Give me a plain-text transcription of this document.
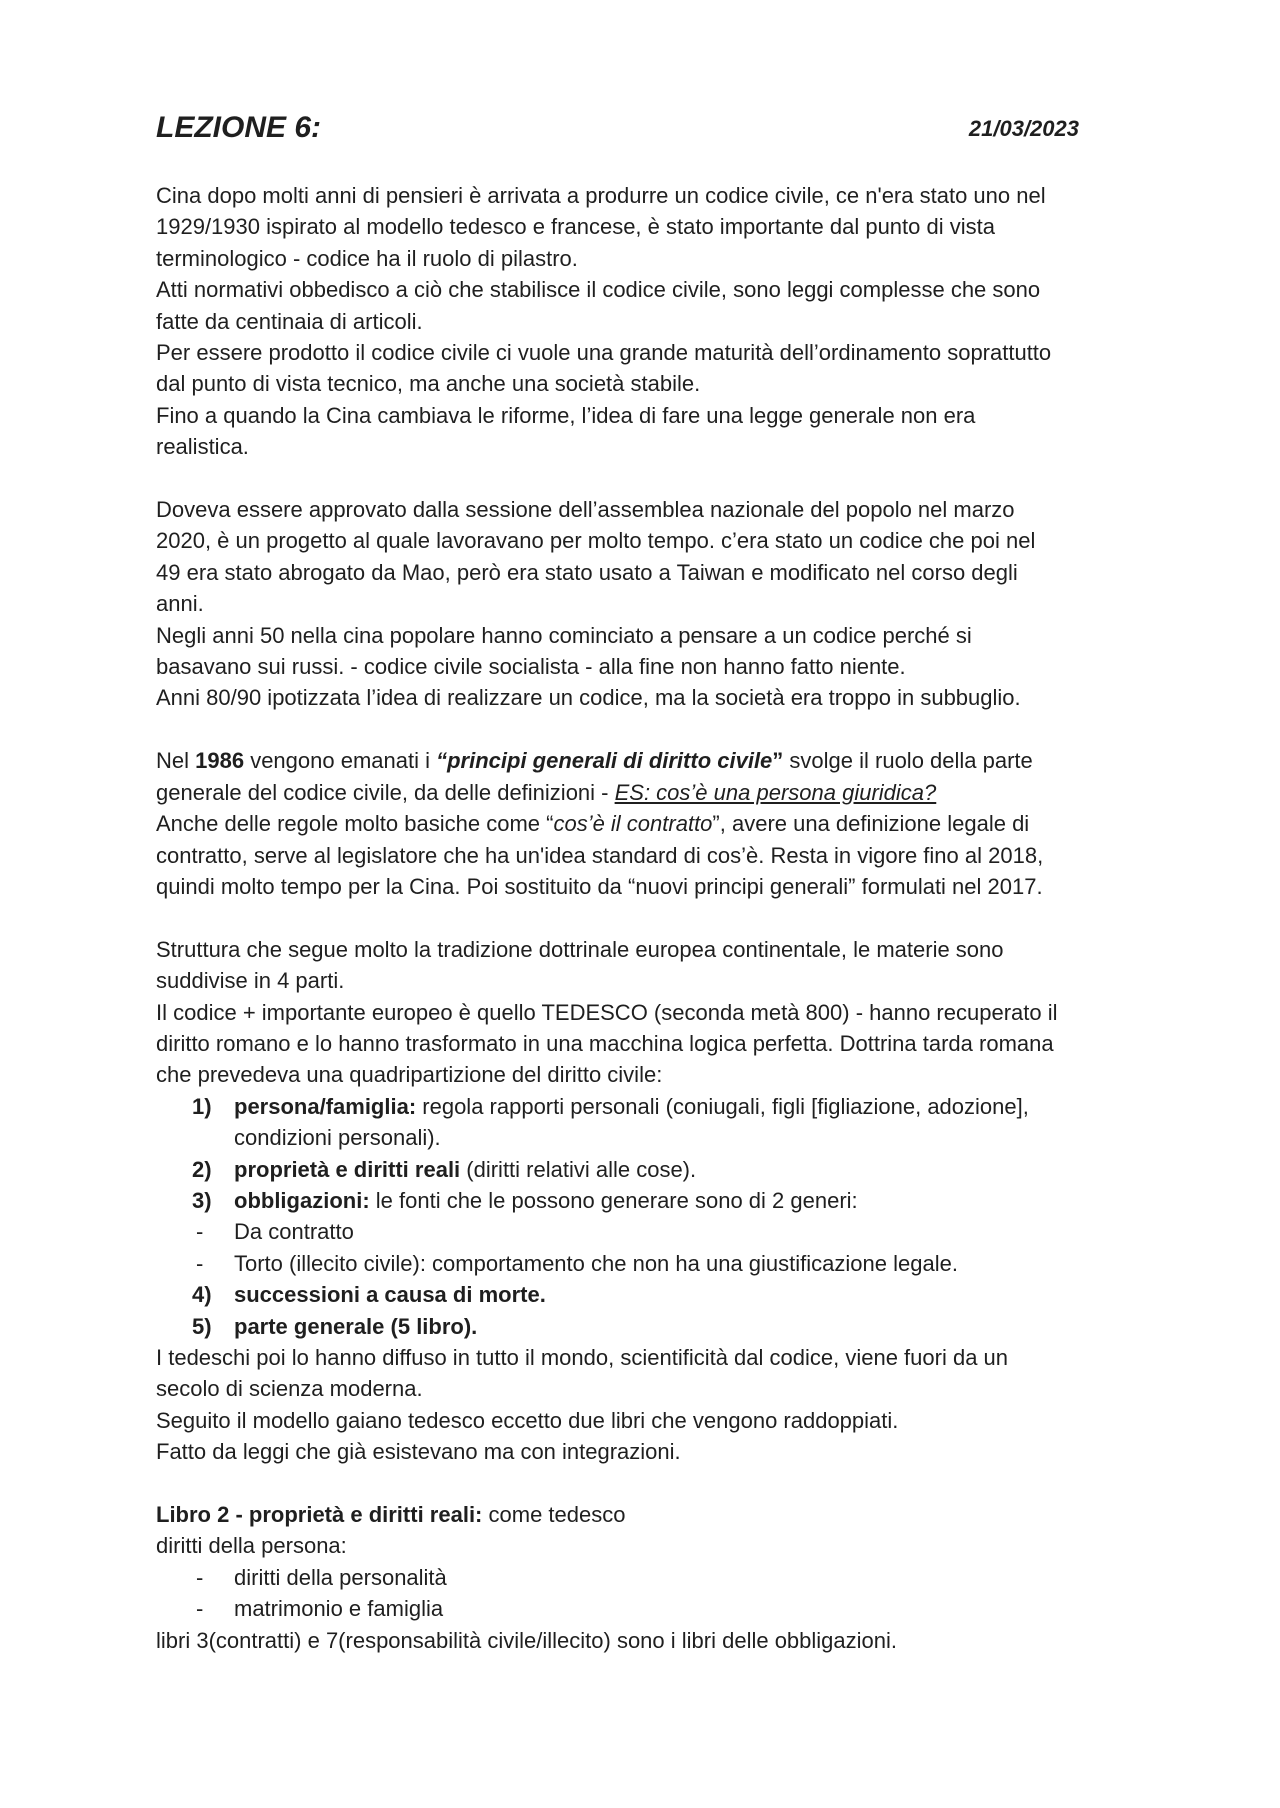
LEZIONE 6:	21/03/2023

Cina dopo molti anni di pensieri è arrivata a produrre un codice civile, ce n'era stato uno nel

1929/1930 ispirato al modello tedesco e francese, è stato importante dal punto di vista

terminologico - codice ha il ruolo di pilastro.

Atti normativi obbedisco a ciò che stabilisce il codice civile, sono leggi complesse che sono

fatte da centinaia di articoli.

Per essere prodotto il codice civile ci vuole una grande maturità dell’ordinamento soprattutto

dal punto di vista tecnico, ma anche una società stabile.

Fino a quando la Cina cambiava le riforme, l’idea di fare una legge generale non era

realistica.

Doveva essere approvato dalla sessione dell’assemblea nazionale del popolo nel marzo

2020, è un progetto al quale lavoravano per molto tempo. c’era stato un codice che poi nel

49 era stato abrogato da Mao, però era stato usato a Taiwan e modificato nel corso degli

anni.

Negli anni 50 nella cina popolare hanno cominciato a pensare a un codice perché si

basavano sui russi. - codice civile socialista - alla fine non hanno fatto niente.

Anni 80/90 ipotizzata l’idea di realizzare un codice, ma la società era troppo in subbuglio.

Nel 1986 vengono emanati i “principi generali di diritto civile” svolge il ruolo della parte

generale del codice civile, da delle definizioni - ES: cos’è una persona giuridica?

Anche delle regole molto basiche come “cos’è il contratto”, avere una definizione legale di

contratto, serve al legislatore che ha un'idea standard di cos’è. Resta in vigore fino al 2018,

quindi molto tempo per la Cina. Poi sostituito da “nuovi principi generali” formulati nel 2017.

Struttura che segue molto la tradizione dottrinale europea continentale, le materie sono

suddivise in 4 parti.

Il codice + importante europeo è quello TEDESCO (seconda metà 800) - hanno recuperato il

diritto romano e lo hanno trasformato in una macchina logica perfetta. Dottrina tarda romana

che prevedeva una quadripartizione del diritto civile:

1) persona/famiglia: regola rapporti personali (coniugali, figli [figliazione, adozione],
condizioni personali).
2) proprietà e diritti reali (diritti relativi alle cose).
3) obbligazioni: le fonti che le possono generare sono di 2 generi:
- Da contratto
- Torto (illecito civile): comportamento che non ha una giustificazione legale.
4) successioni a causa di morte.
5) parte generale (5 libro).

I tedeschi poi lo hanno diffuso in tutto il mondo, scientificità dal codice, viene fuori da un

secolo di scienza moderna.

Seguito il modello gaiano tedesco eccetto due libri che vengono raddoppiati.

Fatto da leggi che già esistevano ma con integrazioni.

Libro 2 - proprietà e diritti reali: come tedesco

diritti della persona:

- diritti della personalità
- matrimonio e famiglia

libri 3(contratti) e 7(responsabilità civile/illecito) sono i libri delle obbligazioni.
